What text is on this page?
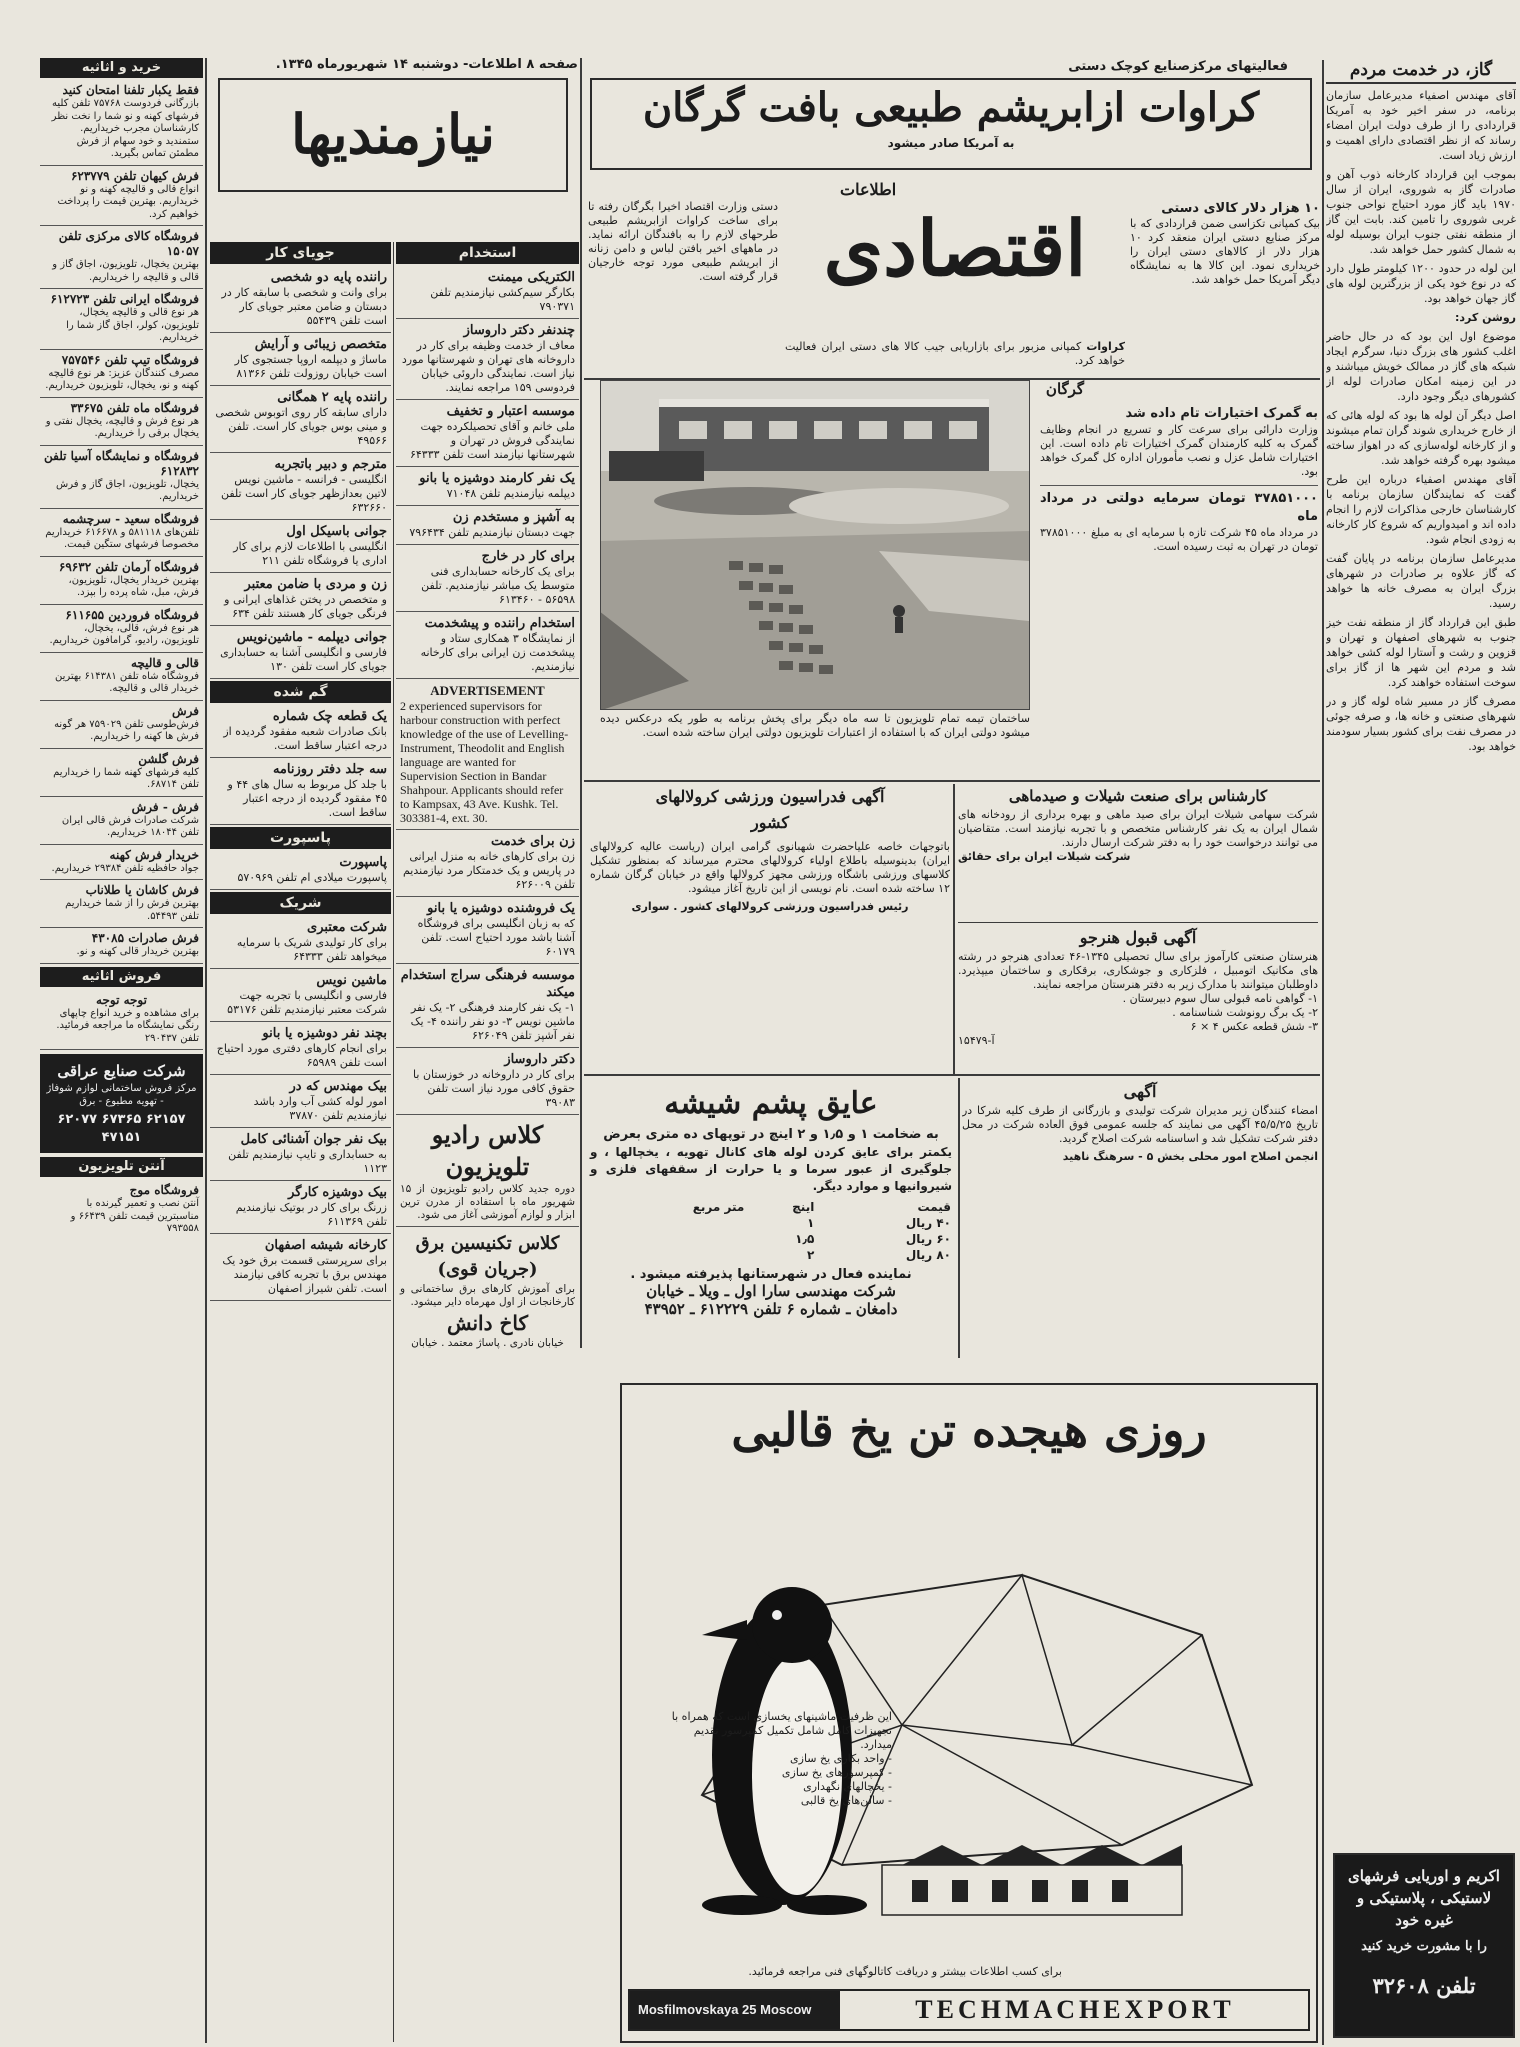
گاز، در خدمت مردم

آقای مهندس اصفیاء مدیرعامل سازمان برنامه، در سفر اخیر خود به آمریکا قراردادی را از طرف دولت ایران امضاء رساند که از نظر اقتصادی دارای اهمیت و ارزش زیاد است.

بموجب این قرارداد کارخانه ذوب آهن و صادرات گاز به شوروی، ایران از سال ۱۹۷۰ باید گاز مورد احتیاج نواحی جنوب غربی شوروی را تامین کند. بابت این گاز از منطقه نفتی جنوب ایران بوسیله لوله به شمال کشور حمل خواهد شد.

این لوله در حدود ۱۲۰۰ کیلومتر طول دارد که در نوع خود یکی از بزرگترین لوله های گاز جهان خواهد بود.

روشن کرد:

موضوع اول این بود که در حال حاضر اغلب کشور های بزرگ دنیا، سرگرم ایجاد شبکه های گاز در ممالک خویش میباشند و در این زمینه امکان صادرات لوله از کشورهای دیگر وجود دارد.

اصل دیگر آن لوله ها بود که لوله هائی که از خارج خریداری شوند گران تمام میشوند و از کارخانه لوله‌سازی که در اهواز ساخته میشود بهره گرفته خواهد شد.

آقای مهندس اصفیاء درباره این طرح گفت که نمایندگان سازمان برنامه با کارشناسان خارجی مذاکرات لازم را انجام داده اند و امیدواریم که شروع کار کارخانه به زودی انجام شود.

مدیرعامل سازمان برنامه در پایان گفت که گاز علاوه بر صادرات در شهرهای بزرگ ایران به مصرف خانه ها خواهد رسید.

طبق این قرارداد گاز از منطقه نفت خیز جنوب به شهرهای اصفهان و تهران و قزوین و رشت و آستارا لوله کشی خواهد شد و مردم این شهر ها از گاز برای سوخت استفاده خواهند کرد.

مصرف گاز در مسیر شاه لوله گاز و در شهرهای صنعتی و خانه ها، و صرفه جوئی در مصرف نفت برای کشور بسیار سودمند خواهد بود.

اکریم و اوریایی فرشهای لاستیکی ، پلاستیکی و غیره خود
را با مشورت خرید کنید
تلفن ۳۲۶۰۸
فعالیتهای مرکزصنایع کوچک دستی
کراوات ازابریشم طبیعی بافت گرگان
به آمریکا صادر میشود
اطلاعات
اقتصادی	۱۰ هزار دلار کالای دستی
بیک کمپانی تکزاسی ضمن قراردادی که با مرکز صنایع دستی ایران منعقد کرد ۱۰ هزار دلار از کالاهای دستی ایران را خریداری نمود. این کالا ها به نمایشگاه دیگر آمریکا حمل خواهد شد.
دستی وزارت اقتصاد اخیرا بگرگان رفته تا برای ساخت کراوات ازابریشم طبیعی طرحهای لازم را به بافندگان ارائه نماید. در ماههای اخیر بافتن لباس و دامن زنانه از ابریشم طبیعی مورد توجه خارجیان قرار گرفته است.
کراوات کمپانی مزبور برای بازاریابی جیب کالا های دستی ایران فعالیت خواهد کرد.
گرگان
ساختمان تیمه تمام تلویزیون تا سه ماه دیگر برای پخش برنامه به طور یکه درعکس دیده میشود دولتی ایران که با استفاده از اعتبارات تلویزیون دولتی ایران ساخته شده است.
به گمرک اختیارات تام داده شد
وزارت دارائی برای سرعت کار و تسریع در انجام وظایف گمرک به کلیه کارمندان گمرک اختیارات تام داده است. این اختیارات شامل عزل و نصب مأموران اداره کل گمرک خواهد بود.
۳۷۸۵۱۰۰۰ تومان سرمایه دولتی در مرداد ماه
در مرداد ماه ۴۵ شرکت تازه با سرمایه ای به مبلغ ۳۷۸۵۱۰۰۰ تومان در تهران به ثبت رسیده است.
آگهی فدراسیون ورزشی کرولالهای کشور
باتوجهات خاصه علیاحضرت شهبانوی گرامی ایران (ریاست عالیه کرولالهای ایران) بدینوسیله باطلاع اولیاء کرولالهای محترم میرساند که بمنظور تشکیل کلاسهای ورزشی باشگاه ورزشی مجهز کرولالها واقع در خیابان گرگان شماره ۱۲ ساخته شده است. نام نویسی از این تاریخ آغاز میشود.
رئیس فدراسیون ورزشی کرولالهای کشور . سواری
کارشناس برای صنعت شیلات و صیدماهی
شرکت سهامی شیلات ایران برای صید ماهی و بهره برداری از رودخانه های شمال ایران به یک نفر کارشناس متخصص و با تجربه نیازمند است. متقاضیان می توانند درخواست خود را به دفتر شرکت ارسال دارند.
شرکت شیلات ایران برای حقائق
آگهی قبول هنرجو
هنرستان صنعتی کارآموز برای سال تحصیلی ۱۳۴۵-۴۶ تعدادی هنرجو در رشته های مکانیک اتومبیل ، فلزکاری و جوشکاری، برقکاری و ساختمان میپذیرد. داوطلبان میتوانند با مدارک زیر به دفتر هنرستان مراجعه نمایند.
۱- گواهی نامه قبولی سال سوم دبیرستان .
۲- یک برگ رونوشت شناسنامه .
۳- شش قطعه عکس ۴ × ۶
آ-۱۵۴۷۹
عایق پشم شیشه
به ضخامت ۱ و ۱٫۵ و ۲ اینچ در توپهای ده متری بعرض
یکمتر برای عایق کردن لوله های کانال تهویه ، یخچالها ، و جلوگیری از عبور سرما و یا حرارت از سقفهای فلزی و شیروانیها و موارد دیگر.
قیمت	اینچ	متر مربع
۴۰ ریال	۱	
۶۰ ریال	۱٫۵	
۸۰ ریال	۲	
نماینده فعال در شهرستانها پذیرفته میشود .
شرکت مهندسی سارا اول ـ ویلا ـ خیابان
دامغان ـ شماره ۶ تلفن ۶۱۲۲۲۹ ـ ۴۳۹۵۲
آگهی
امضاء کنندگان زیر مدیران شرکت تولیدی و بازرگانی از طرف کلیه شرکا در تاریخ ۴۵/۵/۲۵ آگهی می نمایند که جلسه عمومی فوق العاده شرکت در محل دفتر شرکت تشکیل شد و اساسنامه شرکت اصلاح گردید.
انجمن اصلاح امور محلی بخش ۵ - سرهنگ ناهید
روزی هیجده تن یخ قالبی
این ظرفیت ماشینهای یخسازی است که همراه با تجهیزات کامل شامل تکمیل کمپرسور تقدیم میدارد.
- واحد بکاری یخ سازی
- کمپرسورهای یخ سازی
- یخچالهای نگهداری
- سالن‌های یخ قالبی
برای کسب اطلاعات بیشتر و دریافت کاتالوگهای فنی مراجعه فرمائید.
Mosfilmovskaya 25 Moscow	TECHMACHEXPORT
صفحه ۸ اطلاعات- دوشنبه ۱۴ شهریورماه ۱۳۴۵.
نیازمندیها
استخدام
الکتریکی میمنت
بکارگر سیم‌کشی نیازمندیم تلفن ۷۹۰۳۷۱
چندنفر دکتر داروساز
معاف از خدمت وظیفه برای کار در داروخانه های تهران و شهرستانها مورد نیاز است. نمایندگی داروئی خیابان فردوسی ۱۵۹ مراجعه نمایند.
موسسه اعتبار و تخفیف
ملی خانم و آقای تحصیلکرده جهت نمایندگی فروش در تهران و شهرستانها نیازمند است تلفن ۶۴۳۳۳
یک نفر کارمند دوشیزه یا بانو
دیپلمه نیازمندیم تلفن ۷۱۰۴۸
به آشپز و مستخدم زن
جهت دبستان نیازمندیم تلفن ۷۹۶۴۳۴
برای کار در خارج
برای یک کارخانه حسابداری فنی متوسط یک مباشر نیازمندیم. تلفن ۵۶۵۹۸ - ۶۱۳۴۶۰
استخدام راننده و پیشخدمت
از نمایشگاه ۳ همکاری ستاد و پیشخدمت زن ایرانی برای کارخانه نیازمندیم.
ADVERTISEMENT
2 experienced supervisors for harbour construction with perfect knowledge of the use of Levelling-Instrument, Theodolit and English language are wanted for Supervision Section in Bandar Shahpour. Applicants should refer to Kampsax, 43 Ave. Kushk. Tel. 303381-4, ext. 30.
زن برای خدمت
زن برای کارهای خانه به منزل ایرانی در پاریس و یک خدمتکار مرد نیازمندیم تلفن ۶۲۶۰۰۹
یک فروشنده دوشیزه یا بانو
که به زبان انگلیسی برای فروشگاه آشنا باشد مورد احتیاج است. تلفن ۶۰۱۷۹
موسسه فرهنگی سراج استخدام میکند
۱- یک نفر کارمند فرهنگی ۲- یک نفر ماشین نویس ۳- دو نفر راننده ۴- یک نفر آشپز تلفن ۶۲۶۰۴۹
دکتر داروساز
برای کار در داروخانه در خوزستان با حقوق کافی مورد نیاز است تلفن ۳۹۰۸۳
کلاس رادیو تلویزیون
دوره جدید کلاس رادیو تلویزیون از ۱۵ شهریور ماه با استفاده از مدرن ترین ابزار و لوازم آموزشی آغاز می شود.
کلاس تکنیسین برق (جریان قوی)
برای آموزش کارهای برق ساختمانی و کارخانجات از اول مهرماه دایر میشود.
کاخ دانش
خیابان نادری . پاساژ معتمد . خیابان
جویای کار
راننده پایه دو شخصی
برای وانت و شخصی با سابقه کار در دبستان و ضامن معتبر جویای کار است تلفن ۵۵۴۳۹
متخصص زیبائی و آرایش
ماساژ و دیپلمه اروپا جستجوی کار است خیابان روزولت تلفن ۸۱۳۶۶
راننده پایه ۲ همگانی
دارای سابقه کار روی اتوبوس شخصی و مینی بوس جویای کار است. تلفن ۴۹۵۶۶
مترجم و دبیر باتجربه
انگلیسی - فرانسه - ماشین نویس لاتین بعدازظهر جویای کار است تلفن ۶۳۲۶۶۰
جوانی باسیکل اول
انگلیسی با اطلاعات لازم برای کار اداری یا فروشگاه تلفن ۲۱۱
زن و مردی با ضامن معتبر
و متخصص در پختن غذاهای ایرانی و فرنگی جویای کار هستند تلفن ۶۳۴
جوانی دیپلمه - ماشین‌نویس
فارسی و انگلیسی آشنا به حسابداری جویای کار است تلفن ۱۳۰
گم شده
یک قطعه چک شماره
بانک صادرات شعبه مفقود گردیده از درجه اعتبار ساقط است.
سه جلد دفتر روزنامه
با جلد کل مربوط به سال های ۴۴ و ۴۵ مفقود گردیده از درجه اعتبار ساقط است.
پاسپورت
پاسپورت
پاسپورت میلادی ام تلفن ۵۷۰۹۶۹
شریک
شرکت معتبری
برای کار تولیدی شریک با سرمایه میخواهد تلفن ۶۴۳۳۳
ماشین نویس
فارسی و انگلیسی با تجربه جهت شرکت معتبر نیازمندیم تلفن ۵۳۱۷۶
بچند نفر دوشیزه یا بانو
برای انجام کارهای دفتری مورد احتیاج است تلفن ۶۵۹۸۹
بیک مهندس که در
امور لوله کشی آب وارد باشد نیازمندیم تلفن ۳۷۸۷۰
بیک نفر جوان آشنائی کامل
به حسابداری و تایپ نیازمندیم تلفن ۱۱۲۳
بیک دوشیزه کارگر
زرنگ برای کار در بوتیک نیازمندیم تلفن ۶۱۱۳۶۹
کارخانه شیشه اصفهان
برای سرپرستی قسمت برق خود یک مهندس برق با تجربه کافی نیازمند است. تلفن شیراز اصفهان
خرید و اثاثیه
فقط یکبار تلفنا امتحان کنید
بازرگانی فردوست ۷۵۷۶۸ تلفن کلیه فرشهای کهنه و نو شما را نخت نظر کارشناسان مجرب خریداریم. ستمندید و خود سهام از فرش مطمئن تماس بگیرید.
فرش کیهان تلفن ۶۲۳۷۷۹
انواع قالی و قالیچه کهنه و نو خریداریم. بهترین قیمت را پرداخت خواهیم کرد.
فروشگاه کالای مرکزی تلفن ۱۵۰۵۷
بهترین یخچال، تلویزیون، اجاق گاز و قالی و قالیچه را خریداریم.
فروشگاه ایرانی تلفن ۶۱۲۷۲۳
هر نوع قالی و قالیچه یخچال، تلویزیون، کولر، اجاق گاز شما را خریداریم.
فروشگاه تیپ تلفن ۷۵۷۵۴۶
مصرف کنندگان عزیز: هر نوع قالیچه کهنه و نو، یخچال، تلویزیون خریداریم.
فروشگاه ماه تلفن ۳۳۶۷۵
هر نوع فرش و قالیچه، یخچال نفتی و یخچال برقی را خریداریم.
فروشگاه و نمایشگاه آسیا تلفن ۶۱۲۸۳۲
یخچال، تلویزیون، اجاق گاز و فرش خریداریم.
فروشگاه سعید - سرچشمه
تلفن‌های ۵۸۱۱۱۸ و ۶۱۶۶۷۸ خریداریم مخصوصا فرشهای ستگین قیمت.
فروشگاه آرمان تلفن ۶۹۶۳۲
بهترین خریدار یخچال، تلویزیون، فرش، مبل، شاه پرده را بپزد.
فروشگاه فروردین ۶۱۱۶۵۵
هر نوع فرش، قالی، یخچال، تلویزیون، رادیو، گرامافون خریداریم.
قالی و قالیچه
فروشگاه شاه تلفن ۶۱۴۳۸۱ بهترین خریدار قالی و قالیچه.
فرش
فرش‌طوسی تلفن ۷۵۹۰۲۹ هر گونه فرش ها کهنه را خریداریم.
فرش گلشن
کلیه فرشهای کهنه شما را خریداریم تلفن ۶۸۷۱۴.
فرش - فرش
شرکت صادرات فرش قالی ایران تلفن ۱۸۰۴۴ خریداریم.
خریدار فرش کهنه
جواد حافظیه تلفن ۲۹۳۸۴ خریداریم.
فرش کاشان یا طلاناب
بهترین فرش را از شما خریداریم تلفن ۵۴۴۹۳.
فرش صادرات ۴۳۰۸۵
بهترین خریدار قالی کهنه و نو.
فروش اثاثیه
توجه توجه
برای مشاهده و خرید انواع چاپهای رنگی نمایشگاه ما مراجعه فرمائید. تلفن ۲۹۰۴۳۷
شرکت صنایع عراقی
مرکز فروش ساختمانی لوازم شوفاژ - تهویه مطبوع - برق
۶۲۱۵۷ ۶۷۳۶۵ ۶۲۰۷۷ ۴۷۱۵۱
آنتن تلویزیون
فروشگاه موج
آنتن نصب و تعمیر گیرنده با مناسبترین قیمت تلفن ۶۶۴۳۹ و ۷۹۳۵۵۸
